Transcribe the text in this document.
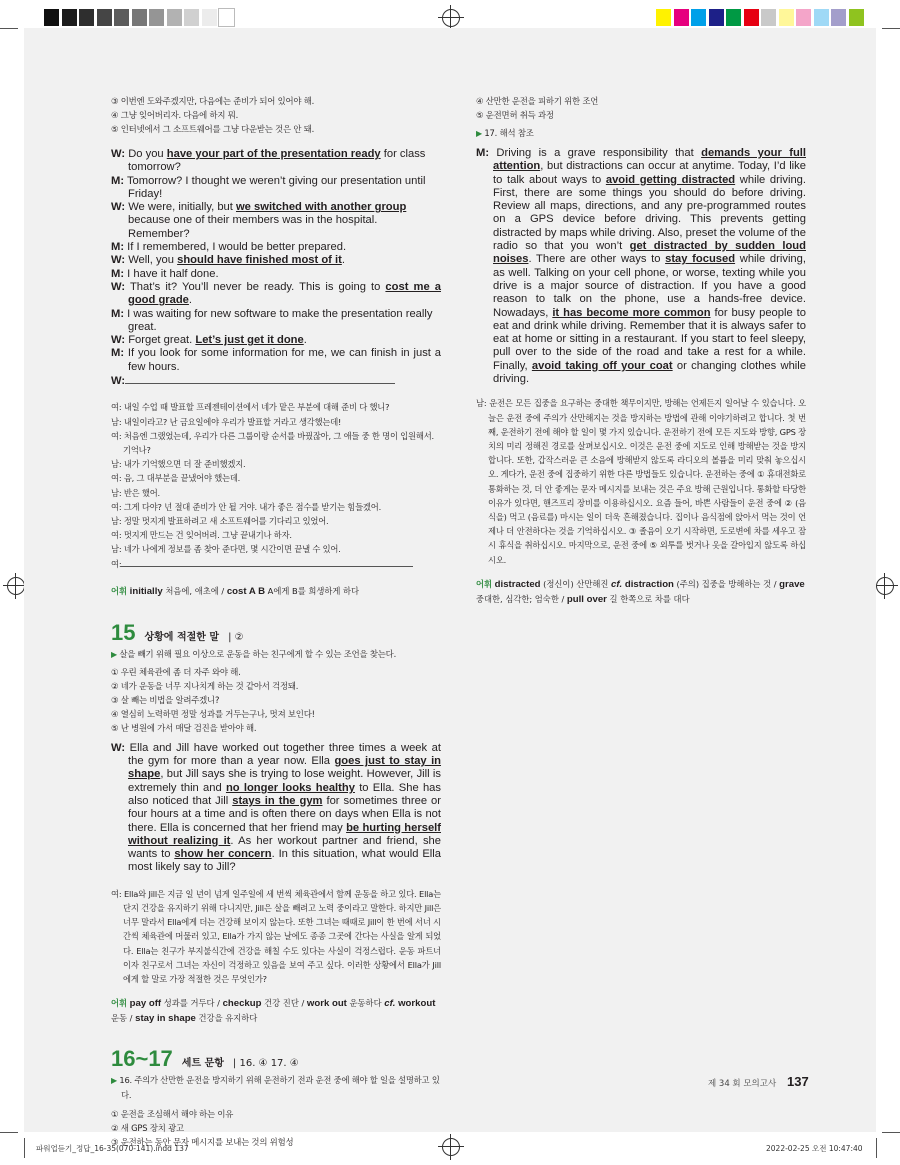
③ 이번엔 도와주겠지만, 다음에는 준비가 되어 있어야 해.
④ 그냥 잊어버리자. 다음에 하지 뭐.
⑤ 인터넷에서 그 소프트웨어를 그냥 다운받는 것은 안 돼.
W: Do you have your part of the presentation ready for class tomorrow?
M: Tomorrow? I thought we weren’t giving our presentation until Friday!
W: We were, initially, but we switched with another group because one of their members was in the hospital. Remember?
M: If I remembered, I would be better prepared.
W: Well, you should have finished most of it.
M: I have it half done.
W: That’s it? You’ll never be ready. This is going to cost me a good grade.
M: I was waiting for new software to make the presentation really great.
W: Forget great. Let’s just get it done.
M: If you look for some information for me, we can finish in just a few hours.
W:
여: 내일 수업 때 발표할 프레젠테이션에서 네가 맡은 부분에 대해 준비 다 했니?
남: 내일이라고? 난 금요일에야 우리가 발표할 거라고 생각했는데!
여: 처음엔 그랬었는데, 우리가 다른 그룹이랑 순서를 바꿨잖아, 그 애들 중 한 명이 입원해서. 기억나?
남: 내가 기억했으면 더 잘 준비했겠지.
여: 음, 그 대부분을 끝냈어야 했는데.
남: 반은 했어.
여: 그게 다야? 넌 절대 준비가 안 될 거야. 내가 좋은 점수를 받기는 힘들겠어.
남: 정말 멋지게 발표하려고 새 소프트웨어를 기다리고 있었어.
여: 멋지게 만드는 건 잊어버려. 그냥 끝내기나 하자.
남: 네가 나에게 정보를 좀 찾아 준다면, 몇 시간이면 끝낼 수 있어.
여:
어휘 initially 처음에, 애초에 / cost A B A에게 B를 희생하게 하다
15 상황에 적절한 말 | ②
▶ 살을 빼기 위해 필요 이상으로 운동을 하는 친구에게 할 수 있는 조언을 찾는다.
① 우린 체육관에 좀 더 자주 와야 해.
② 네가 운동을 너무 지나치게 하는 것 같아서 걱정돼.
③ 살 빼는 비법을 알려주겠니?
④ 열심히 노력하면 정말 성과를 거두는구나, 멋져 보인다!
⑤ 난 병원에 가서 매달 검진을 받아야 해.
W: Ella and Jill have worked out together three times a week at the gym for more than a year now. Ella goes just to stay in shape, but Jill says she is trying to lose weight. However, Jill is extremely thin and no longer looks healthy to Ella. She has also noticed that Jill stays in the gym for sometimes three or four hours at a time and is often there on days when Ella is not there. Ella is concerned that her friend may be hurting herself without realizing it. As her workout partner and friend, she wants to show her concern. In this situation, what would Ella most likely say to Jill?
여: Ella와 Jill은 지금 일 년이 넘게 일주일에 세 번씩 체육관에서 함께 운동을 하고 있다. Ella는 단지 건강을 유지하기 위해 다니지만, Jill은 살을 빼려고 노력 중이라고 말한다. 하지만 Jill은 너무 말라서 Ella에게 더는 건강해 보이지 않는다. 또한 그녀는 때때로 Jill이 한 번에 서너 시간씩 체육관에 머물러 있고, Ella가 가지 않는 날에도 종종 그곳에 간다는 사실을 알게 되었다. Ella는 친구가 부지불식간에 건강을 해칠 수도 있다는 사실이 걱정스럽다. 운동 파트너이자 친구로서 그녀는 자신이 걱정하고 있음을 보여 주고 싶다. 이러한 상황에서 Ella가 Jill에게 할 말로 가장 적절한 것은 무엇인가?
어휘 pay off 성과를 거두다 / checkup 건강 진단 / work out 운동하다 cf. workout 운동 / stay in shape 건강을 유지하다
16~17 세트 문항 | 16. ④ 17. ④
▶ 16. 주의가 산만한 운전을 방지하기 위해 운전하기 전과 운전 중에 해야 할 일을 설명하고 있다.
① 운전을 조심해서 해야 하는 이유
② 새 GPS 장치 광고
③ 운전하는 동안 문자 메시지를 보내는 것의 위험성
④ 산만한 운전을 피하기 위한 조언
⑤ 운전면허 취득 과정
▶ 17. 해석 참조
M: Driving is a grave responsibility that demands your full attention, but distractions can occur at anytime. Today, I’d like to talk about ways to avoid getting distracted while driving. First, there are some things you should do before driving. Review all maps, directions, and any pre-programmed routes on a GPS device before driving. This prevents getting distracted by maps while driving. Also, preset the volume of the radio so that you won’t get distracted by sudden loud noises. There are other ways to stay focused while driving, as well. Talking on your cell phone, or worse, texting while you drive is a major source of distraction. If you have a good reason to talk on the phone, use a hands-free device. Nowadays, it has become more common for busy people to eat and drink while driving. Remember that it is always safer to eat at home or sitting in a restaurant. If you start to feel sleepy, pull over to the side of the road and take a rest for a while. Finally, avoid taking off your coat or changing clothes while driving.
남: 운전은 모든 집중을 요구하는 중대한 책무이지만, 방해는 언제든지 일어날 수 있습니다. 오늘은 운전 중에 주의가 산만해지는 것을 방지하는 방법에 관해 이야기하려고 합니다. 첫 번째, 운전하기 전에 해야 할 일이 몇 가지 있습니다. 운전하기 전에 모든 지도와 방향, GPS 장치의 미리 정해진 경로를 살펴보십시오. 이것은 운전 중에 지도로 인해 방해받는 것을 방지합니다. 또한, 갑작스러운 큰 소음에 방해받지 않도록 라디오의 볼륨을 미리 맞춰 놓으십시오. 게다가, 운전 중에 집중하기 위한 다른 방법들도 있습니다. 운전하는 중에 ① 휴대전화로 통화하는 것, 더 안 좋게는 문자 메시지를 보내는 것은 주요 방해 근원입니다. 통화할 타당한 이유가 있다면, 핸즈프리 장비를 이용하십시오. 요즘 들어, 바쁜 사람들이 운전 중에 ② (음식을) 먹고 (음료를) 마시는 일이 더욱 흔해졌습니다. 집이나 음식점에 앉아서 먹는 것이 언제나 더 안전하다는 것을 기억하십시오. ③ 졸음이 오기 시작하면, 도로변에 차를 세우고 잠시 휴식을 취하십시오. 마지막으로, 운전 중에 ⑤ 외투를 벗거나 옷을 갈아입지 않도록 하십시오.
어휘 distracted (정신이) 산만해진 cf. distraction (주의) 집중을 방해하는 것 / grave 중대한, 심각한; 엄숙한 / pull over 길 한쪽으로 차를 대다
제 34 회 모의고사 137
파워업듣기_정답_16-35(070-141).indd 137	2022-02-25 오전 10:47:40
